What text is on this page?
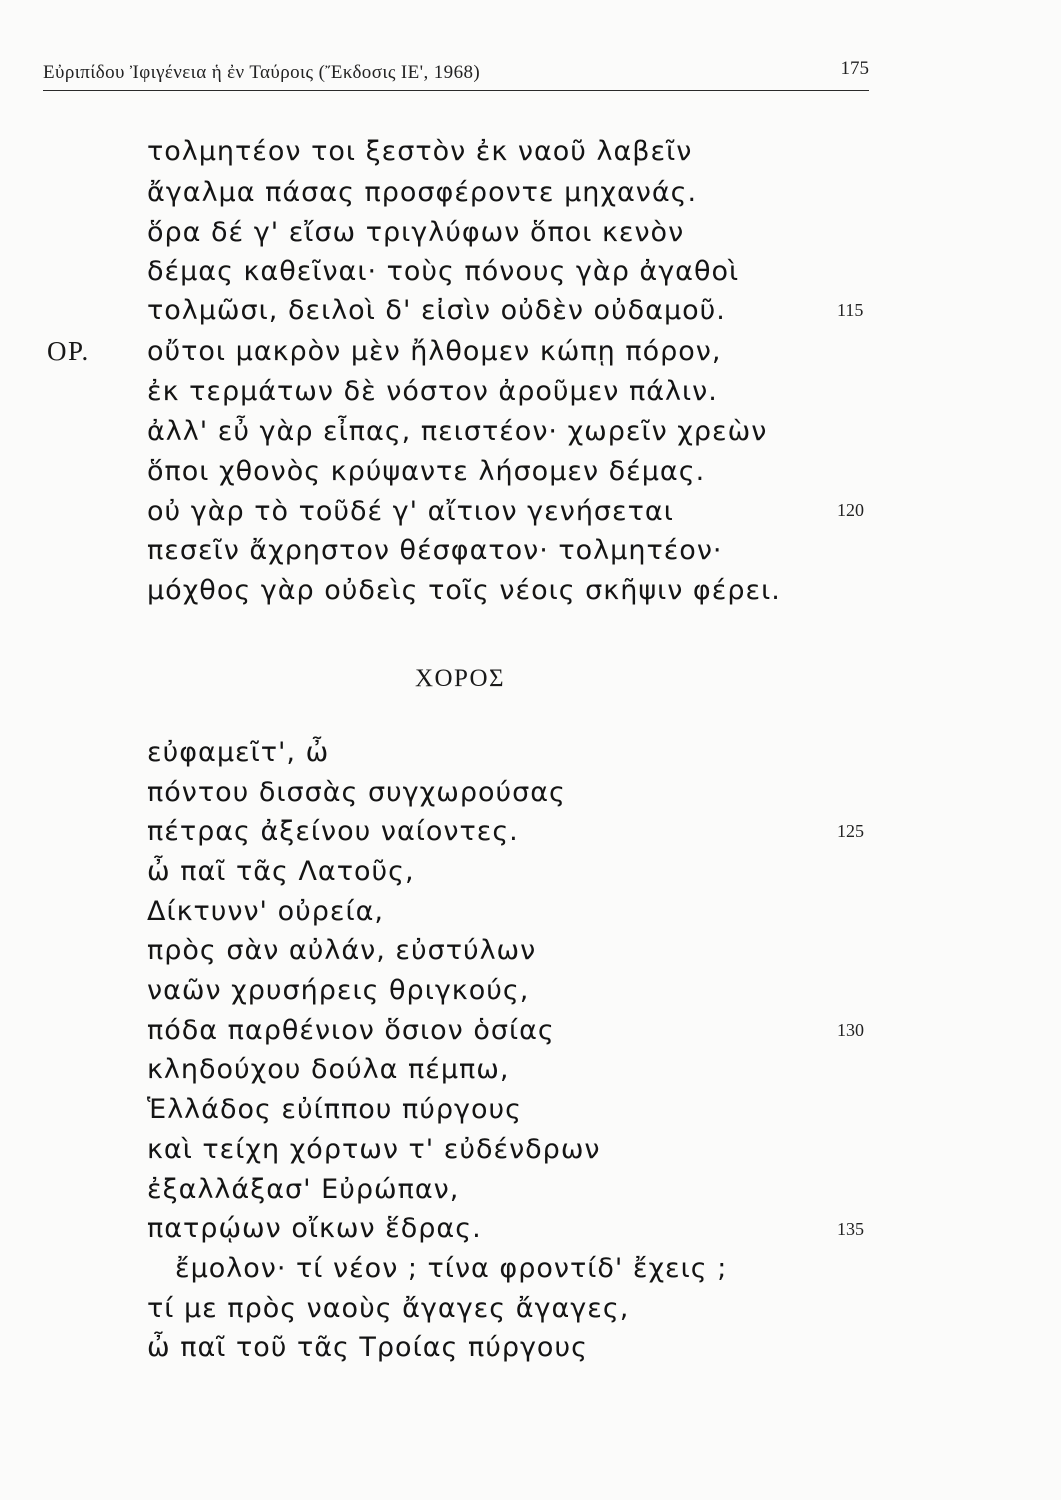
Εὐριπίδου Ἰφιγένεια ἡ ἐν Ταύροις (Ἔκδοσις ΙΕ', 1968)	175
ΟΡ.
τολμητέον τοι ξεστὸν ἐκ ναοῦ λαβεῖν
ἄγαλμα πάσας προσφέροντε μηχανάς.
ὅρα δέ γ' εἴσω τριγλύφων ὅποι κενὸν
δέμας καθεῖναι· τοὺς πόνους γὰρ ἀγαθοὶ
τολμῶσι, δειλοὶ δ' εἰσὶν οὐδὲν οὐδαμοῦ.
οὔτοι μακρὸν μὲν ἤλθομεν κώπῃ πόρον,
ἐκ τερμάτων δὲ νόστον ἀροῦμεν πάλιν.
ἀλλ' εὖ γὰρ εἶπας, πειστέον· χωρεῖν χρεὼν
ὅποι χθονὸς κρύψαντε λήσομεν δέμας.
οὐ γὰρ τὸ τοῦδέ γ' αἴτιον γενήσεται
πεσεῖν ἄχρηστον θέσφατον· τολμητέον·
μόχθος γὰρ οὐδεὶς τοῖς νέοις σκῆψιν φέρει.
ΧΟΡΟΣ
εὐφαμεῖτ', ὦ
πόντου δισσὰς συγχωρούσας
πέτρας ἀξείνου ναίοντες.
ὦ παῖ τᾶς Λατοῦς,
Δίκτυνν' οὐρεία,
πρὸς σὰν αὐλάν, εὐστύλων
ναῶν χρυσήρεις θριγκούς,
πόδα παρθένιον ὅσιον ὁσίας
κληδούχου δούλα πέμπω,
Ἑλλάδος εὐίππου πύργους
καὶ τείχη χόρτων τ' εὐδένδρων
ἐξαλλάξασ' Εὐρώπαν,
πατρῴων οἴκων ἕδρας.
ἔμολον· τί νέον ; τίνα φροντίδ' ἔχεις ;
τί με πρὸς ναοὺς ἄγαγες ἄγαγες,
ὦ παῖ τοῦ τᾶς Τροίας πύργους
115
120
125
130
135
